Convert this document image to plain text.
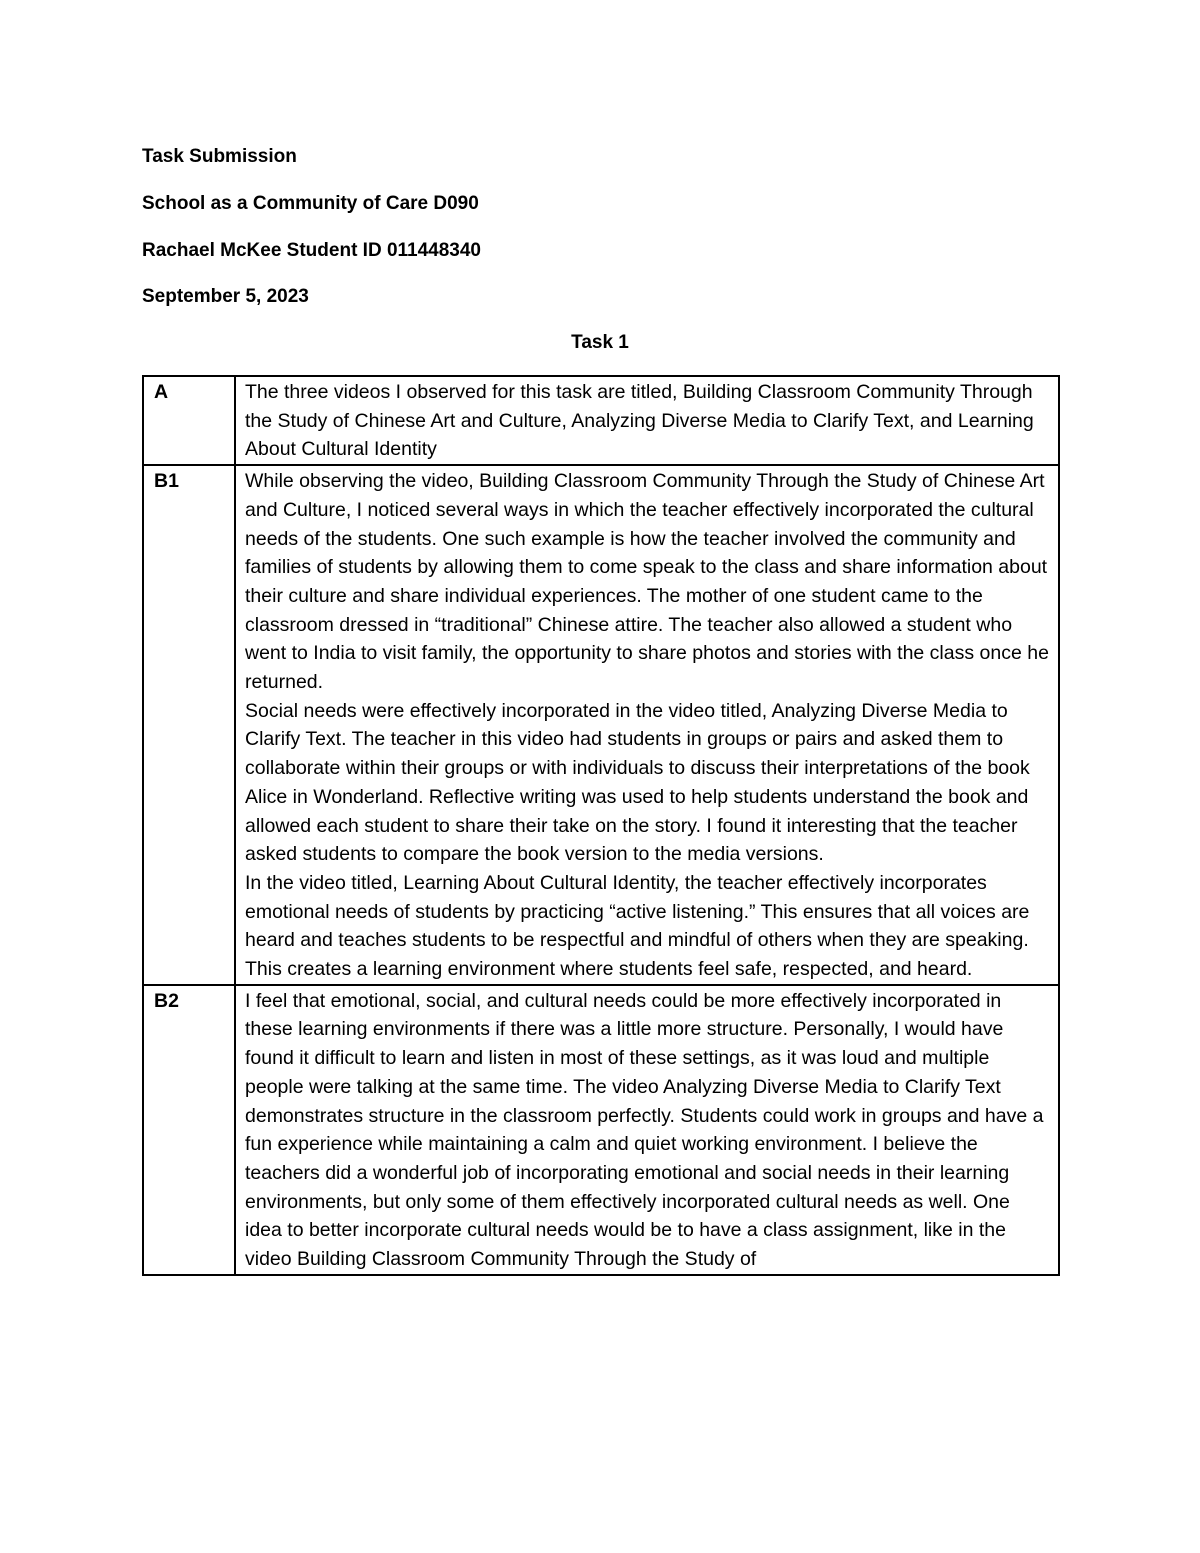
Task Submission
School as a Community of Care D090
Rachael McKee Student ID 011448340
September 5, 2023
Task 1
A	The three videos I observed for this task are titled, Building Classroom Community Through the Study of Chinese Art and Culture, Analyzing Diverse Media to Clarify Text, and Learning About Cultural Identity

B1	While observing the video, Building Classroom Community Through the Study of Chinese Art and Culture, I noticed several ways in which the teacher effectively incorporated the cultural needs of the students. One such example is how the teacher involved the community and families of students by allowing them to come speak to the class and share information about their culture and share individual experiences. The mother of one student came to the classroom dressed in “traditional” Chinese attire. The teacher also allowed a student who went to India to visit family, the opportunity to share photos and stories with the class once he returned.

Social needs were effectively incorporated in the video titled, Analyzing Diverse Media to Clarify Text. The teacher in this video had students in groups or pairs and asked them to collaborate within their groups or with individuals to discuss their interpretations of the book Alice in Wonderland. Reflective writing was used to help students understand the book and allowed each student to share their take on the story. I found it interesting that the teacher asked students to compare the book version to the media versions.

In the video titled, Learning About Cultural Identity, the teacher effectively incorporates emotional needs of students by practicing “active listening.” This ensures that all voices are heard and teaches students to be respectful and mindful of others when they are speaking. This creates a learning environment where students feel safe, respected, and heard.

B2	I feel that emotional, social, and cultural needs could be more effectively incorporated in these learning environments if there was a little more structure. Personally, I would have found it difficult to learn and listen in most of these settings, as it was loud and multiple people were talking at the same time. The video Analyzing Diverse Media to Clarify Text demonstrates structure in the classroom perfectly. Students could work in groups and have a fun experience while maintaining a calm and quiet working environment. I believe the teachers did a wonderful job of incorporating emotional and social needs in their learning environments, but only some of them effectively incorporated cultural needs as well. One idea to better incorporate cultural needs would be to have a class assignment, like in the video Building Classroom Community Through the Study of
